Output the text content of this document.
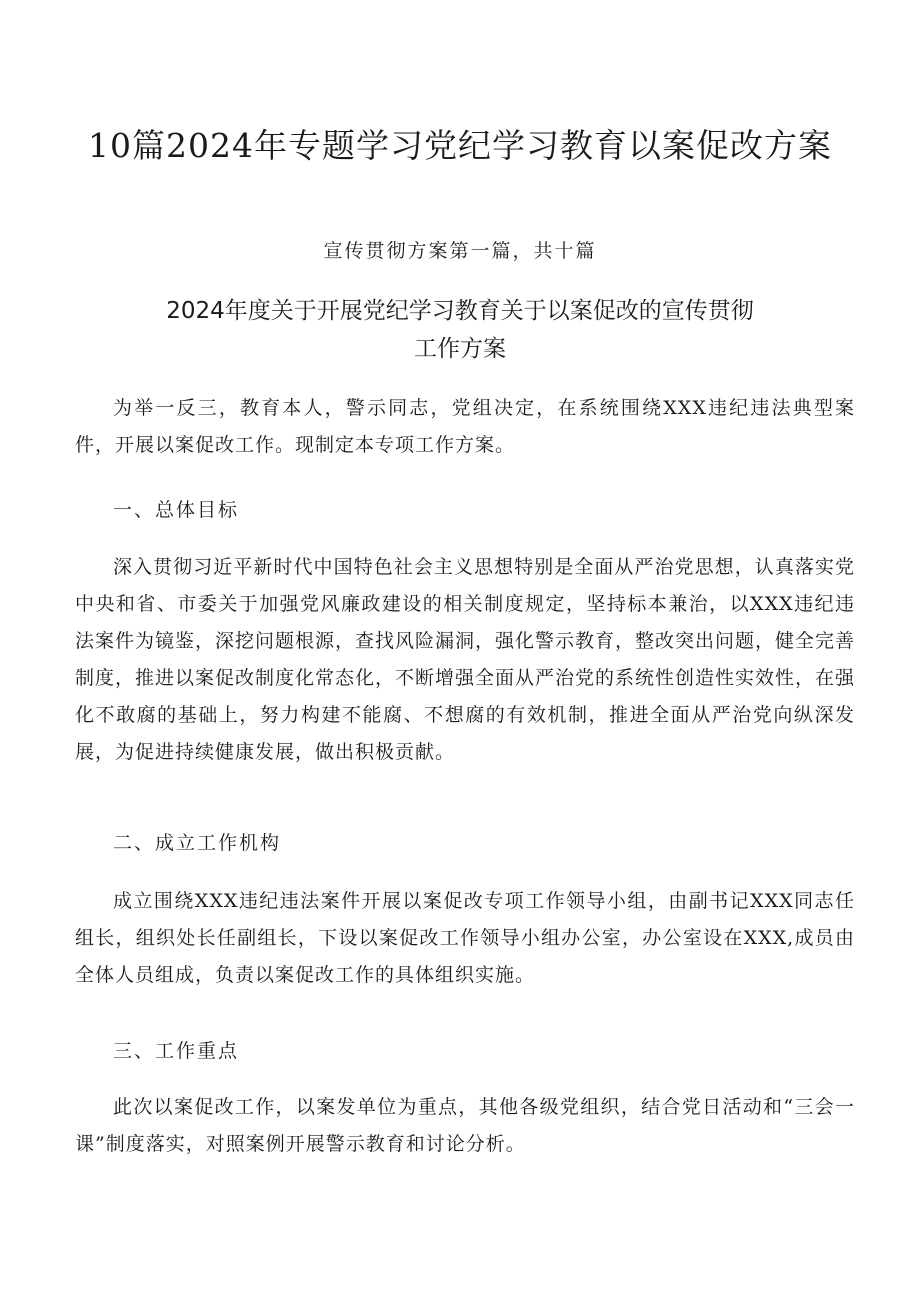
10篇2024年专题学习党纪学习教育以案促改方案
宣传贯彻方案第一篇，共十篇
2024年度关于开展党纪学习教育关于以案促改的宣传贯彻
工作方案
为举一反三，教育本人，警示同志，党组决定，在系统围绕XXX违纪违法典型案件，开展以案促改工作。现制定本专项工作方案。
一、总体目标
深入贯彻习近平新时代中国特色社会主义思想特别是全面从严治党思想，认真落实党中央和省、市委关于加强党风廉政建设的相关制度规定，坚持标本兼治，以XXX违纪违法案件为镜鉴，深挖问题根源，查找风险漏洞，强化警示教育，整改突出问题，健全完善制度，推进以案促改制度化常态化，不断增强全面从严治党的系统性创造性实效性，在强化不敢腐的基础上，努力构建不能腐、不想腐的有效机制，推进全面从严治党向纵深发展，为促进持续健康发展，做出积极贡献。
二、成立工作机构
成立围绕XXX违纪违法案件开展以案促改专项工作领导小组，由副书记XXX同志任组长，组织处长任副组长，下设以案促改工作领导小组办公室，办公室设在XXX,成员由全体人员组成，负责以案促改工作的具体组织实施。
三、工作重点
此次以案促改工作，以案发单位为重点，其他各级党组织，结合党日活动和“三会一课”制度落实，对照案例开展警示教育和讨论分析。
